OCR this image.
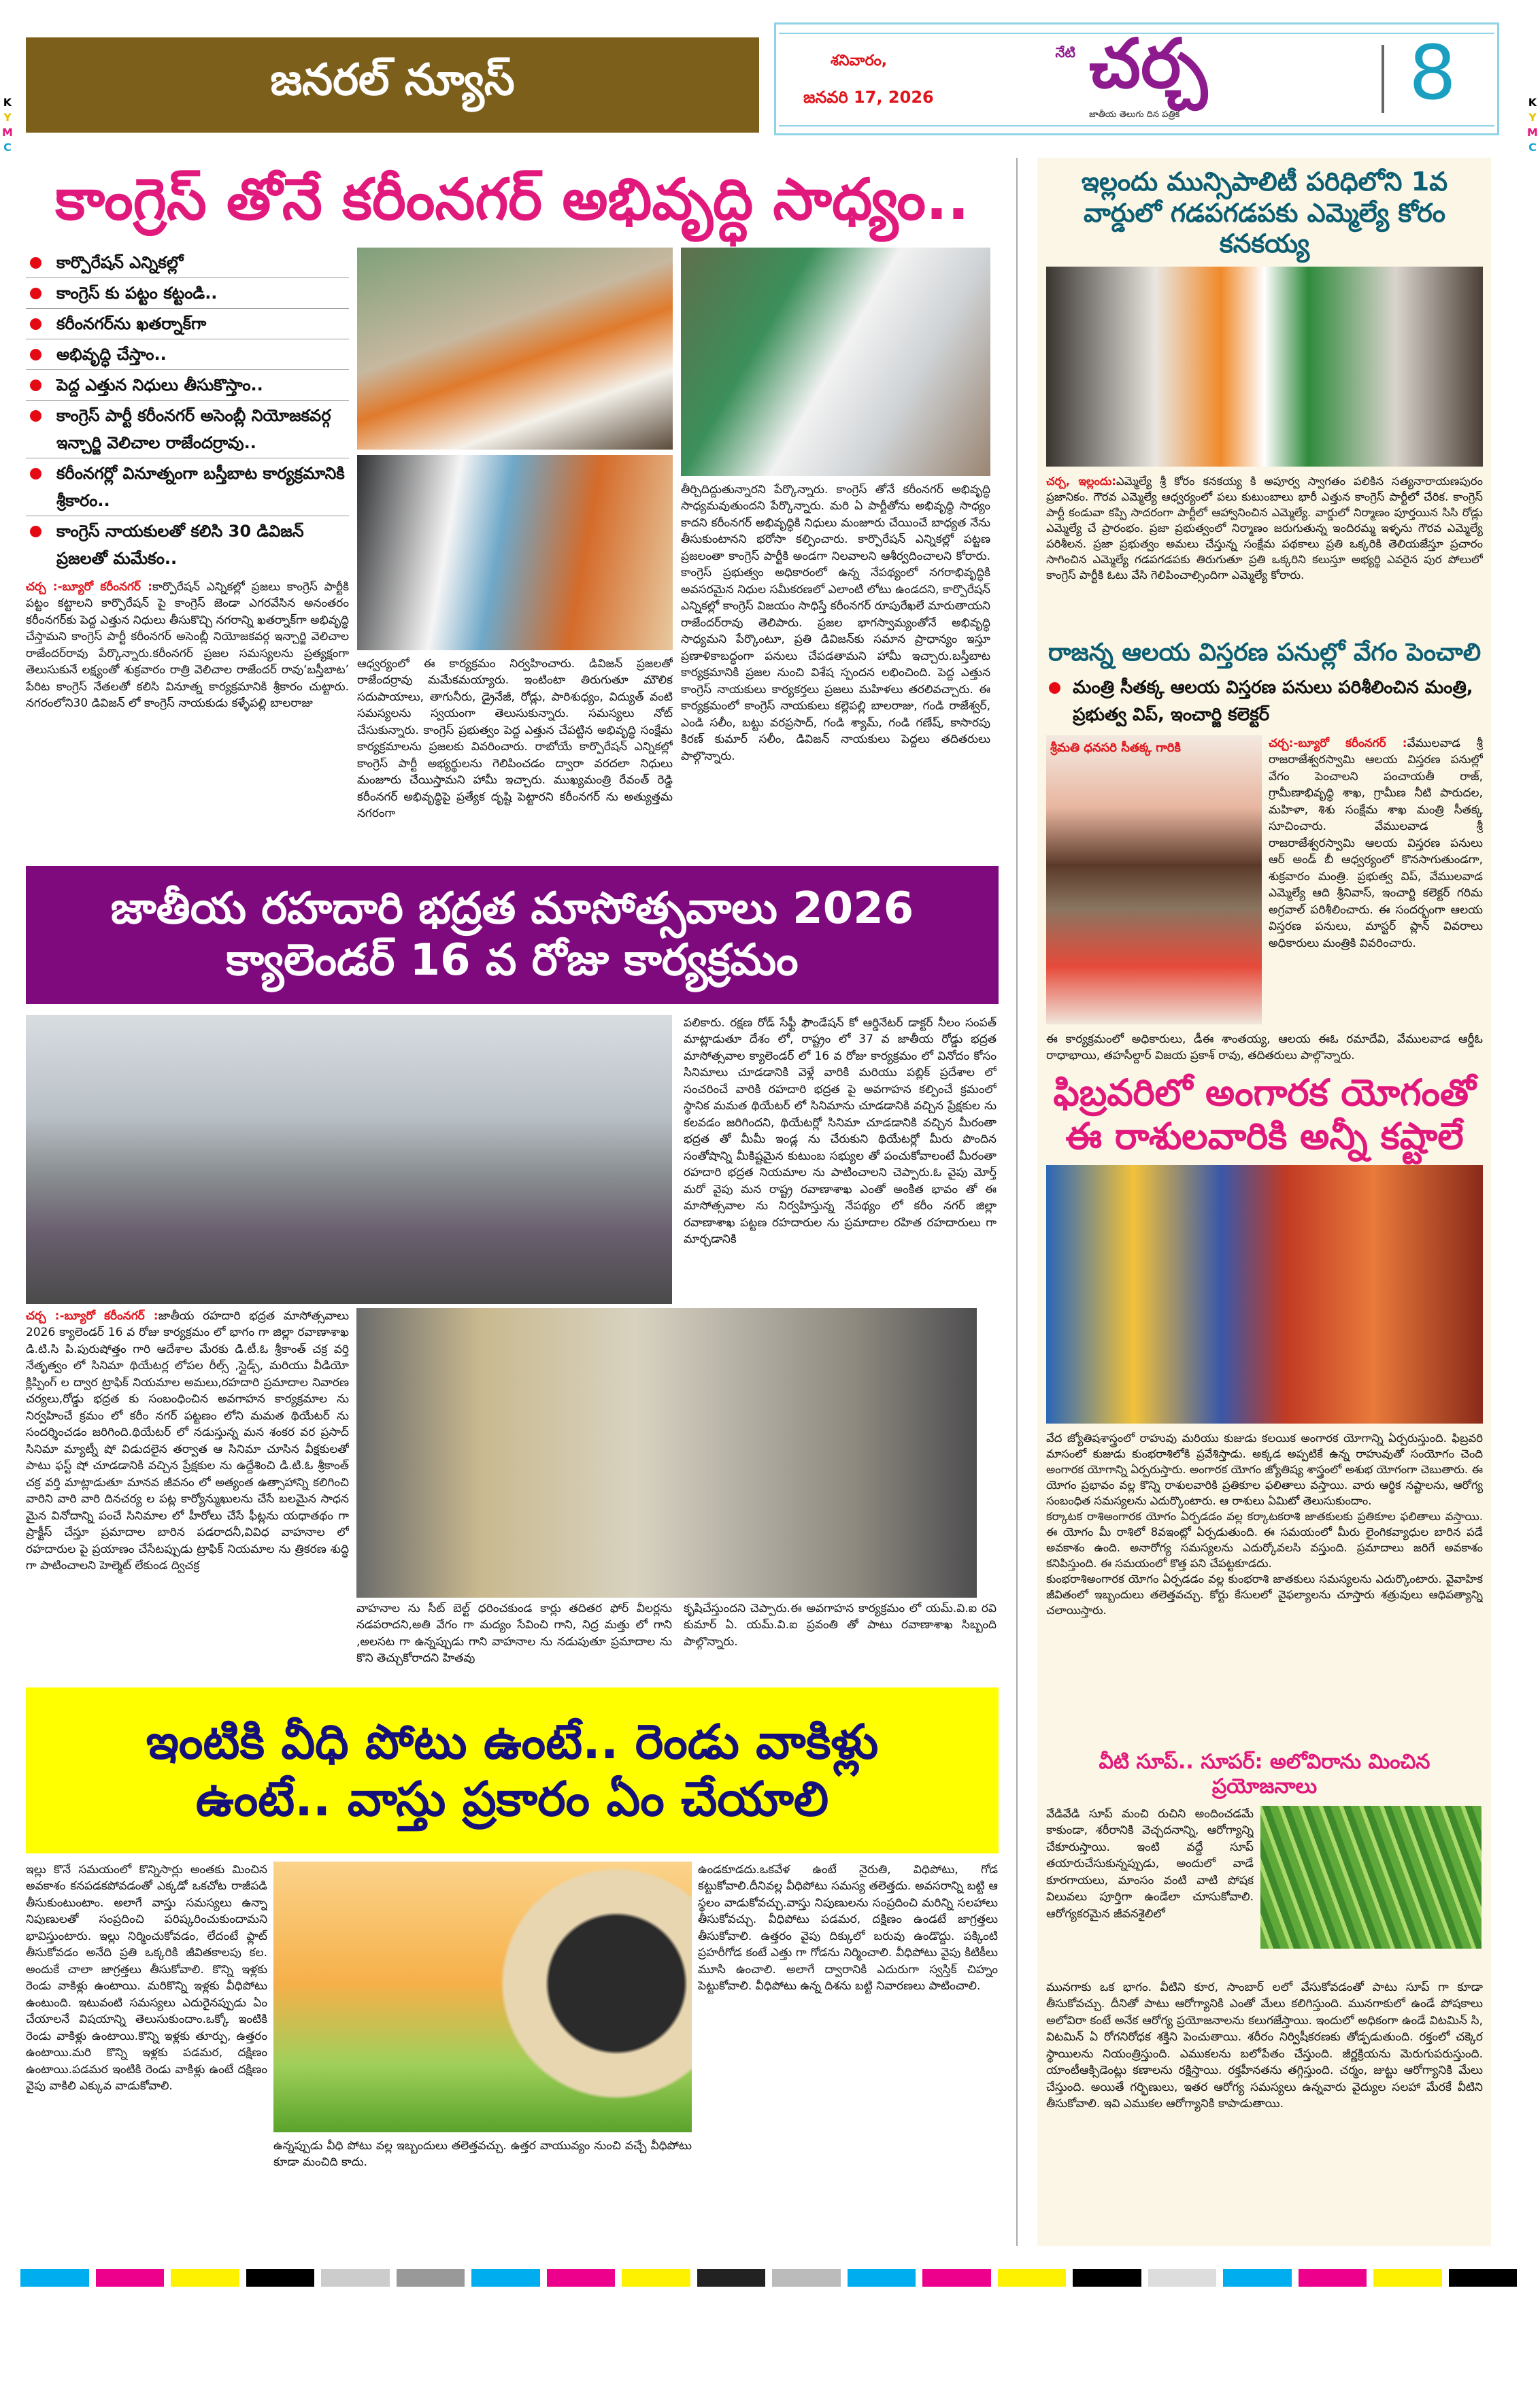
K
Y
M
C
K
Y
M
C
జనరల్ న్యూస్	శనివారం,
జనవరి 17, 2026
నేటి చర్చ
జాతీయ తెలుగు దిన పత్రిక	8
కాంగ్రెస్ తోనే కరీంనగర్ అభివృద్ధి సాధ్యం..
కార్పొరేషన్ ఎన్నికల్లో
కాంగ్రెస్ కు పట్టం కట్టండి..
కరీంనగర్‌ను ఖతర్నాక్‌గా
అభివృద్ధి చేస్తాం..
పెద్ద ఎత్తున నిధులు తీసుకొస్తాం..
కాంగ్రెస్ పార్టీ కరీంనగర్ అసెంబ్లీ నియోజకవర్గ ఇన్చార్జి వెలిచాల రాజేందర్రావు..
కరీంనగర్లో వినూత్నంగా బస్తీబాట కార్యక్రమానికి శ్రీకారం..
కాంగ్రెస్ నాయకులతో కలిసి 30 డివిజన్ ప్రజలతో మమేకం..
చర్చ :-బ్యూరో కరీంనగర్ :కార్పొరేషన్ ఎన్నికల్లో ప్రజలు కాంగ్రెస్ పార్టీకి పట్టం కట్టాలని కార్పొరేషన్ పై కాంగ్రెస్ జెండా ఎగరవేసిన అనంతరం కరీంనగర్‌కు పెద్ద ఎత్తున నిధులు తీసుకొచ్చి నగరాన్ని ఖతర్నాక్‌గా అభివృద్ధి చేస్తామని కాంగ్రెస్ పార్టీ కరీంనగర్ అసెంబ్లీ నియోజకవర్గ ఇన్చార్జి వెలిచాల రాజేందర్‌రావు పేర్కొన్నారు.కరీంనగర్ ప్రజల సమస్యలను ప్రత్యక్షంగా తెలుసుకునే లక్ష్యంతో శుక్రవారం రాత్రి వెలిచాల రాజేందర్ రావు‘బస్తీబాట’ పేరిట కాంగ్రెస్ నేతలతో కలిసి వినూత్న కార్యక్రమానికి శ్రీకారం చుట్టారు. నగరంలోని30 డివిజన్ లో కాంగ్రెస్ నాయకుడు కళ్ళేపల్లి బాలరాజు
ఆధ్వర్యంలో ఈ కార్యక్రమం నిర్వహించారు. డివిజన్ ప్రజలతో రాజేందర్రావు మమేకమయ్యారు. ఇంటింటా తిరుగుతూ మౌలిక సదుపాయాలు, తాగునీరు, డ్రైనేజీ, రోడ్లు, పారిశుధ్యం, విద్యుత్ వంటి సమస్యలను స్వయంగా తెలుసుకున్నారు. సమస్యలు నోట్ చేసుకున్నారు. కాంగ్రెస్ ప్రభుత్వం పెద్ద ఎత్తున చేపట్టిన అభివృద్ధి సంక్షేమ కార్యక్రమాలను ప్రజలకు వివరించారు. రాబోయే కార్పొరేషన్ ఎన్నికల్లో కాంగ్రెస్ పార్టీ అభ్యర్థులను గెలిపించడం ద్వారా వరదలా నిధులు మంజూరు చేయిస్తామని హామీ ఇచ్చారు. ముఖ్యమంత్రి రేవంత్ రెడ్డి కరీంనగర్ అభివృద్ధిపై ప్రత్యేక దృష్టి పెట్టారని కరీంనగర్ ను అత్యుత్తమ నగరంగా
తీర్చిదిద్దుతున్నారని పేర్కొన్నారు. కాంగ్రెస్ తోనే కరీంనగర్ అభివృద్ధి సాధ్యమవుతుందని పేర్కొన్నారు. మరి ఏ పార్టీతోను అభివృద్ధి సాధ్యం కాదని కరీంనగర్ అభివృద్ధికి నిధులు మంజూరు చేయించే బాధ్యత నేను తీసుకుంటానని భరోసా కల్పించారు. కార్పొరేషన్ ఎన్నికల్లో పట్టణ ప్రజలంతా కాంగ్రెస్ పార్టీకి అండగా నిలవాలని ఆశీర్వదించాలని కోరారు. కాంగ్రెస్ ప్రభుత్వం అధికారంలో ఉన్న నేపథ్యంలో నగరాభివృద్ధికి అవసరమైన నిధుల సమీకరణలో ఎలాంటి లోటు ఉండదని, కార్పొరేషన్ ఎన్నికల్లో కాంగ్రెస్ విజయం సాధిస్తే కరీంనగర్ రూపురేఖలే మారుతాయని రాజేందర్‌రావు తెలిపారు. ప్రజల భాగస్వామ్యంతోనే అభివృద్ధి సాధ్యమని పేర్కొంటూ, ప్రతి డివిజన్‌కు సమాన ప్రాధాన్యం ఇస్తూ ప్రణాళికాబద్ధంగా పనులు చేపడతామని హామీ ఇచ్చారు.బస్తీబాట కార్యక్రమానికి ప్రజల నుంచి విశేష స్పందన లభించింది. పెద్ద ఎత్తున కాంగ్రెస్ నాయకులు కార్యకర్తలు ప్రజలు మహిళలు తరలివచ్చారు. ఈ కార్యక్రమంలో కాంగ్రెస్ నాయకులు కల్లెపల్లి బాలరాజు, గండి రాజేశ్వర్, ఎండి సలీం, బట్టు వరప్రసాద్, గండి శ్యామ్, గండి గణేష్, కాసారపు కిరణ్ కుమార్ సలీం, డివిజన్ నాయకులు పెద్దలు తదితరులు పాల్గొన్నారు.
జాతీయ రహదారి భద్రత మాసోత్సవాలు 2026
క్యాలెండర్ 16 వ రోజు కార్యక్రమం
పలికారు. రక్షణ రోడ్ సేఫ్టీ ఫౌండేషన్ కో ఆర్డినేటర్ డాక్టర్ నీలం సంపత్ మాట్లాడుతూ దేశం లో, రాష్ట్రం లో 37 వ జాతీయ రోడ్డు భద్రత మాసోత్సవాల క్యాలెండర్ లో 16 వ రోజు కార్యక్రమం లో వినోదం కోసం సినిమాలు చూడడానికి వెళ్లే వారికి మరియు పబ్లిక్ ప్రదేశాల లో సంచరించే వారికి రహదారి భద్రత పై అవగాహన కల్పించే క్రమంలో స్థానిక మమత థియేటర్ లో సినిమాను చూడడానికి వచ్చిన ప్రేక్షకుల ను కలవడం జరిగిందని, థియేటర్లో సినిమా చూడడానికి వచ్చిన మీరంతా భద్రత తో మీమీ ఇండ్ల ను చేరుకుని థియేటర్లో మీరు పొందిన సంతోషాన్ని మీకిష్టమైన కుటుంబ సభ్యుల తో పంచుకోవాలంటే మీరంతా రహదారి భద్రత నియమాల ను పాటించాలని చెప్పారు.ఓ వైపు మోర్త్ మరో వైపు మన రాష్ట్ర రవాణాశాఖ ఎంతో అంకిత భావం తో ఈ మాసోత్సవాల ను నిర్వహిస్తున్న నేపథ్యం లో కరీం నగర్ జిల్లా రవాణాశాఖ పట్టణ రహదారుల ను ప్రమాదాల రహిత రహదారులు గా మార్చడానికి
చర్చ :-బ్యూరో కరీంనగర్ :జాతీయ రహదారి భద్రత మాసోత్సవాలు 2026 క్యాలెండర్ 16 వ రోజు కార్యక్రమం లో భాగం గా జిల్లా రవాణాశాఖ డి.టి.సి పి.పురుషోత్తం గారి ఆదేశాల మేరకు డి.టీ.ఓ శ్రీకాంత్ చక్ర వర్తి నేతృత్వం లో సినిమా థియేటర్ల లోపల రీల్స్ ,స్లైడ్స్, మరియు వీడియో క్లిప్పింగ్ ల ద్వార ట్రాఫిక్ నియమాల అమలు,రహదారి ప్రమాదాల నివారణ చర్యలు,రోడ్డు భద్రత కు సంబంధించిన అవగాహన కార్యక్రమాల ను నిర్వహించే క్రమం లో కరీం నగర్ పట్టణం లోని మమత థియేటర్ ను సందర్శించడం జరిగింది.థియేటర్ లో నడుస్తున్న మన శంకర వర ప్రసాద్ సినిమా మ్యాట్నీ షో విడుదలైన తర్వాత ఆ సినిమా చూసిన వీక్షకులతో పాటు ఫస్ట్ షో చూడడానికి వచ్చిన ప్రేక్షకుల ను ఉద్దేశించి డి.టి.ఓ శ్రీకాంత్ చక్ర వర్తి మాట్లాడుతూ మానవ జీవనం లో అత్యంత ఉత్సాహాన్ని కలిగించి వారిని వారి వారి దినచర్య ల పట్ల కార్యోన్ముఖులను చేసే బలమైన సాధన మైన వినోదాన్ని పంచే సినిమాల లో హీరోలు చేసే ఫీట్లను యధాతథం గా ప్రాక్టీస్ చేస్తూ ప్రమాదాల బారిన పడరాదనీ,వివిధ వాహనాల లో రహదారుల పై ప్రయాణం చేసేటప్పుడు ట్రాఫిక్ నియమాల ను త్రికరణ శుద్ధి గా పాటించాలని హెల్మెట్ లేకుండ ద్విచక్ర
వాహనాల ను సీట్ బెల్ట్ ధరించకుండ కార్లు తదితర ఫోర్ వీలర్లను నడపరాదని,అతి వేగం గా మద్యం సేవించి గాని, నిద్ర మత్తు లో గాని ,అలసట గా ఉన్నప్పుడు గాని వాహనాల ను నడుపుతూ ప్రమాదాల ను కొని తెచ్చుకోరాదని హితవు
కృషిచేస్తుందని చెప్పారు.ఈ అవగాహన కార్యక్రమం లో యమ్.వి.ఐ రవి కుమార్ ఏ. యమ్.వి.ఐ ప్రవంతి తో పాటు రవాణాశాఖ సిబ్బంది పాల్గొన్నారు.
ఇంటికి వీధి పోటు ఉంటే.. రెండు వాకిళ్లు
ఉంటే.. వాస్తు ప్రకారం ఏం చేయాలి
ఇల్లు కొనే సమయంలో కొన్నిసార్లు అంతకు మించిన అవకాశం కనపడకపోవడంతో ఎక్కడో ఒకచోట రాజీపడి తీసుకుంటుంటాం. అలాగే వాస్తు సమస్యలు ఉన్నా నిపుణులతో సంప్రదించి పరిష్కరించుకుందామని భావిస్తుంటారు. ఇల్లు నిర్మించుకోవడం, లేదంటే ఫ్లాట్ తీసుకోవడం అనేది ప్రతి ఒక్కరికి జీవితకాలపు కల. అందుకే చాలా జాగ్రత్తలు తీసుకోవాలి. కొన్ని ఇళ్లకు రెండు వాకిళ్లు ఉంటాయి. మరికొన్ని ఇళ్లకు వీధిపోటు ఉంటుంది. ఇటువంటి సమస్యలు ఎదురైనప్పుడు ఏం చేయాలనే విషయాన్ని తెలుసుకుందాం.ఒక్కో ఇంటికి రెండు వాకిళ్లు ఉంటాయి.కొన్ని ఇళ్లకు తూర్పు, ఉత్తరం ఉంటాయి.మరి కొన్ని ఇళ్లకు పడమర, దక్షిణం ఉంటాయి.పడమర ఇంటికి రెండు వాకిళ్లు ఉంటే దక్షిణం వైపు వాకిలి ఎక్కువ వాడుకోవాలి.
ఉన్నప్పుడు వీధి పోటు వల్ల ఇబ్బందులు తలెత్తవచ్చు. ఉత్తర వాయువ్యం నుంచి వచ్చే వీధిపోటు కూడా మంచిది కాదు.
ఉండకూడదు.ఒకవేళ ఉంటే నైరుతి, విధిపోటు, గోడ కట్టుకోవాలి.దీనివల్ల వీధిపోటు సమస్య తలెత్తదు. అవసరాన్ని బట్టి ఆ స్థలం వాడుకోవచ్చు.వాస్తు నిపుణులను సంప్రదించి మరిన్ని సలహాలు తీసుకోవచ్చు. వీధిపోటు పడమర, దక్షిణం ఉండటే జాగ్రత్తలు తీసుకోవాలి. ఉత్తరం వైపు దిక్కులో బరువు ఉండొద్దు. పక్కింటి ప్రహరీగోడ కంటే ఎత్తు గా గోడను నిర్మించాలి. వీధిపోటు వైపు కిటికీలు మూసి ఉంచాలి. అలాగే ద్వారానికి ఎదురుగా స్వస్తిక్ చిహ్నం పెట్టుకోవాలి. వీధిపోటు ఉన్న దిశను బట్టి నివారణలు పాటించాలి.
ఇల్లందు మున్సిపాలిటీ పరిధిలోని 1వ వార్డులో గడపగడపకు ఎమ్మెల్యే కోరం కనకయ్య
చర్చ, ఇల్లందు:ఎమ్మెల్యే శ్రీ కోరం కనకయ్య కి అపూర్వ స్వాగతం పలికిన సత్యనారాయణపురం ప్రజానికం. గౌరవ ఎమ్మెల్యే ఆధ్వర్యంలో పలు కుటుంబాలు భారీ ఎత్తున కాంగ్రెస్ పార్టీలో చేరిక. కాంగ్రెస్ పార్టీ కండువా కప్పి సాదరంగా పార్టీలో ఆహ్వానించిన ఎమ్మెల్యే. వార్డులో నిర్మాణం పూర్తయిన సిసి రోడ్లు ఎమ్మెల్యే చే ప్రారంభం. ప్రజా ప్రభుత్వంలో నిర్మాణం జరుగుతున్న ఇందిరమ్మ ఇళ్ళను గౌరవ ఎమ్మెల్యే పరిశీలన. ప్రజా ప్రభుత్వం అమలు చేస్తున్న సంక్షేమ పథకాలు ప్రతి ఒక్కరికి తెలియజేస్తూ ప్రచారం సాగించిన ఎమ్మెల్యే గడపగడపకు తిరుగుతూ ప్రతి ఒక్కరిని కలుస్తూ అభ్యర్థి ఎవరైన పుర పోలులో కాంగ్రెస్ పార్టీకి ఓటు వేసి గెలిపించాల్సిందిగా ఎమ్మెల్యే కోరారు.
రాజన్న ఆలయ విస్తరణ పనుల్లో వేగం పెంచాలి
మంత్రి సీతక్క ఆలయ విస్తరణ పనులు పరిశీలించిన మంత్రి, ప్రభుత్వ విప్, ఇంచార్జి కలెక్టర్
శ్రీమతి ధనసరి సీతక్క గారికి	చర్చ:-బ్యూరో కరీంనగర్ :వేములవాడ శ్రీ రాజరాజేశ్వరస్వామి ఆలయ విస్తరణ పనుల్లో వేగం పెంచాలని పంచాయతీ రాజ్, గ్రామీణాభివృద్ధి శాఖ, గ్రామీణ నీటి పారుదల, మహిళా, శిశు సంక్షేమ శాఖ మంత్రి సీతక్క సూచించారు. వేములవాడ శ్రీ రాజరాజేశ్వరస్వామి ఆలయ విస్తరణ పనులు ఆర్ అండ్ బీ ఆధ్వర్యంలో కొనసాగుతుండగా, శుక్రవారం మంత్రి. ప్రభుత్వ విప్, వేములవాడ ఎమ్మెల్యే ఆది శ్రీనివాస్, ఇంచార్జి కలెక్టర్ గరిమ అగ్రవాల్ పరిశీలించారు. ఈ సందర్భంగా ఆలయ విస్తరణ పనులు, మాస్టర్ ప్లాన్ వివరాలు అధికారులు మంత్రికి వివరించారు.
ఈ కార్యక్రమంలో అధికారులు, డీఈ శాంతయ్య, ఆలయ ఈఓ రమాదేవి, వేములవాడ ఆర్డీఓ రాధాభాయి, తహసీల్దార్ విజయ ప్రకాశ్ రావు, తదితరులు పాల్గొన్నారు.
ఫిబ్రవరిలో అంగారక యోగంతో
ఈ రాశులవారికి అన్నీ కష్టాలే
వేద జ్యోతిషశాస్త్రంలో రాహువు మరియు కుజుడు కలయిక అంగారక యోగాన్ని ఏర్పరుస్తుంది. ఫిబ్రవరి మాసంలో కుజుడు కుంభరాశిలోకి ప్రవేశిస్తాడు. అక్కడ అప్పటికే ఉన్న రాహువుతో సంయోగం చెంది అంగారక యోగాన్ని ఏర్పరుస్తారు. అంగారక యోగం జ్యోతిష్య శాస్త్రంలో అశుభ యోగంగా చెబుతారు. ఈ యోగం ప్రభావం వల్ల కొన్ని రాశులవారికి ప్రతికూల ఫలితాలు వస్తాయి. వారు ఆర్థిక నష్టాలను, ఆరోగ్య సంబంధిత సమస్యలను ఎదుర్కొంటారు. ఆ రాశులు ఏమిటో తెలుసుకుందాం.
కర్కాటక రాశిఅంగారక యోగం ఏర్పడడం వల్ల కర్కాటకరాశి జాతకులకు ప్రతికూల ఫలితాలు వస్తాయి. ఈ యోగం మీ రాశిలో 8వఇంట్లో ఏర్పడుతుంది. ఈ సమయంలో మీరు లైంగికవ్యాధుల బారిన పడే అవకాశం ఉంది. అనారోగ్య సమస్యలను ఎదుర్కోవలసి వస్తుంది. ప్రమాదాలు జరిగే అవకాశం కనిపిస్తుంది. ఈ సమయంలో కొత్త పని చేపట్టకూడదు.
కుంభరాశిఅంగారక యోగం ఏర్పడడం వల్ల కుంభరాశి జాతకులు సమస్యలను ఎదుర్కొంటారు. వైవాహిక జీవితంలో ఇబ్బందులు తలెత్తవచ్చు. కోర్టు కేసులలో వైఫల్యాలను చూస్తారు శత్రువులు ఆధిపత్యాన్ని చలాయిస్తారు.
వీటి సూప్.. సూపర్: అలోవిరాను మించిన ప్రయోజనాలు
వేడివేడి సూప్ మంచి రుచిని అందించడమే కాకుండా, శరీరానికి వెచ్చదనాన్ని, ఆరోగ్యాన్ని చేకూరుస్తాయి. ఇంటి వద్దే సూప్ తయారుచేసుకున్నప్పుడు, అందులో వాడే కూరగాయలు, మాంసం వంటి వాటి పోషక విలువలు పూర్తిగా ఉండేలా చూసుకోవాలి. ఆరోగ్యకరమైన జీవనశైలిలో
మునగాకు ఒక భాగం. వీటిని కూర, సాంబార్ లలో వేసుకోవడంతో పాటు సూప్ గా కూడా తీసుకోవచ్చు. దీనితో పాటు ఆరోగ్యానికి ఎంతో మేలు కలిగిస్తుంది. మునగాకులో ఉండే పోషకాలు అలోవిరా కంటే అనేక ఆరోగ్య ప్రయోజనాలను కలుగజేస్తాయి. ఇందులో అధికంగా ఉండే విటమిన్ సి, విటమిన్ ఏ రోగనిరోధక శక్తిని పెంచుతాయి. శరీరం నిర్విషీకరణకు తోడ్పడుతుంది. రక్తంలో చక్కెర స్థాయిలను నియంత్రిస్తుంది. ఎముకలను బలోపేతం చేస్తుంది. జీర్ణక్రియను మెరుగుపరుస్తుంది. యాంటీఆక్సిడెంట్లు కణాలను రక్షిస్తాయి. రక్తహీనతను తగ్గిస్తుంది. చర్మం, జుట్టు ఆరోగ్యానికి మేలు చేస్తుంది. అయితే గర్భిణులు, ఇతర ఆరోగ్య సమస్యలు ఉన్నవారు వైద్యుల సలహా మేరకే వీటిని తీసుకోవాలి. ఇవి ఎముకల ఆరోగ్యానికి కాపాడుతాయి.
